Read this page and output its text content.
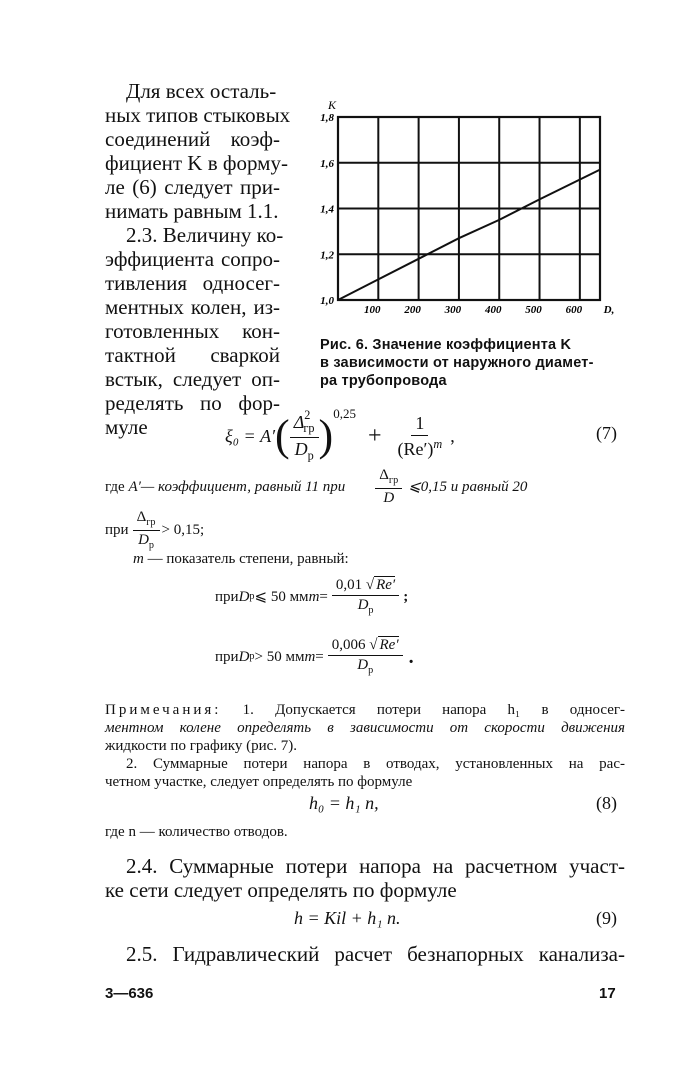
Для всех осталь-
ных типов стыковых
соединений коэф-
фициент K в форму-
ле (6) следует при-
нимать равным 1.1.
2.3. Величину ко-
эффициента сопро-
тивления односег-
ментных колен, из-
готовленных кон-
тактной сваркой
встык, следует оп-
ределять по фор-
муле
100 200 300 400 500 600
1,0
1,2
1,4
1,6
1,8
K
D,
Рис. 6. Значение коэффициента K
в зависимости от наружного диамет-
ра трубопровода
ξ₀ = A′ ( $\frac{\Delta^2_{гр}}{D_р} )^{0,25}$
+ $\frac{1}{(Re')^m}$ ,	(7)
где
A′ — коэффициент, равный 11 при $\frac{\Delta_{гр}}{D}$ ⩽0,15 и равный 20
при $\frac{\Delta_{гр}}{D_р} > 0,15$;
m — показатель степени, равный:
при D р ⩽ 50 мм $m = \frac{0,01 √ Re'}{D_р}$ ;
при D р > 50 мм $m = \frac{0,006 √ Re'}{D_р}$ .
Примечания: 1. Допускается потери напора h₁ в односег-
ментном колене определять в зависимости от скорости движения
жидкости по графику (рис. 7).
2. Суммарные потери напора в отводах, установленных на рас-
четном участке, следует определять по формуле
h₀ = h₁ n,	(8)
где n — количество отводов.
2.4. Суммарные потери напора на расчетном участ-
ке сети следует определять по формуле
h = Kil + h₁ n.	(9)
2.5. Гидравлический расчет безнапорных канализа-
3—636	17
